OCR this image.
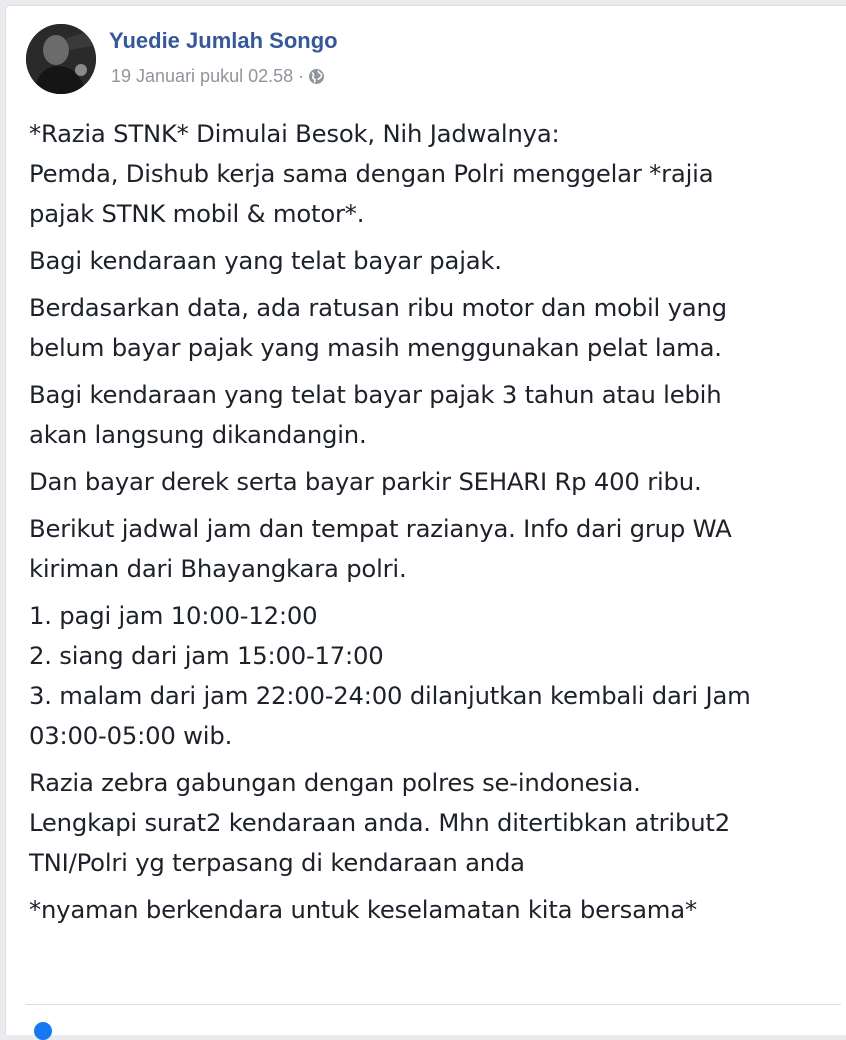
Yuedie Jumlah Songo
19 Januari pukul 02.58 ·

*Razia STNK* Dimulai Besok, Nih Jadwalnya:
Pemda, Dishub kerja sama dengan Polri menggelar *rajia
pajak STNK mobil & motor*.

Bagi kendaraan yang telat bayar pajak.

Berdasarkan data, ada ratusan ribu motor dan mobil yang
belum bayar pajak yang masih menggunakan pelat lama.

Bagi kendaraan yang telat bayar pajak 3 tahun atau lebih
akan langsung dikandangin.

Dan bayar derek serta bayar parkir SEHARI Rp 400 ribu.

Berikut jadwal jam dan tempat razianya. Info dari grup WA
kiriman dari Bhayangkara polri.

1. pagi jam 10:00-12:00
2. siang dari jam 15:00-17:00
3. malam dari jam 22:00-24:00 dilanjutkan kembali dari Jam
03:00-05:00 wib.

Razia zebra gabungan dengan polres se-indonesia.
Lengkapi surat2 kendaraan anda. Mhn ditertibkan atribut2
TNI/Polri yg terpasang di kendaraan anda

*nyaman berkendara untuk keselamatan kita bersama*
